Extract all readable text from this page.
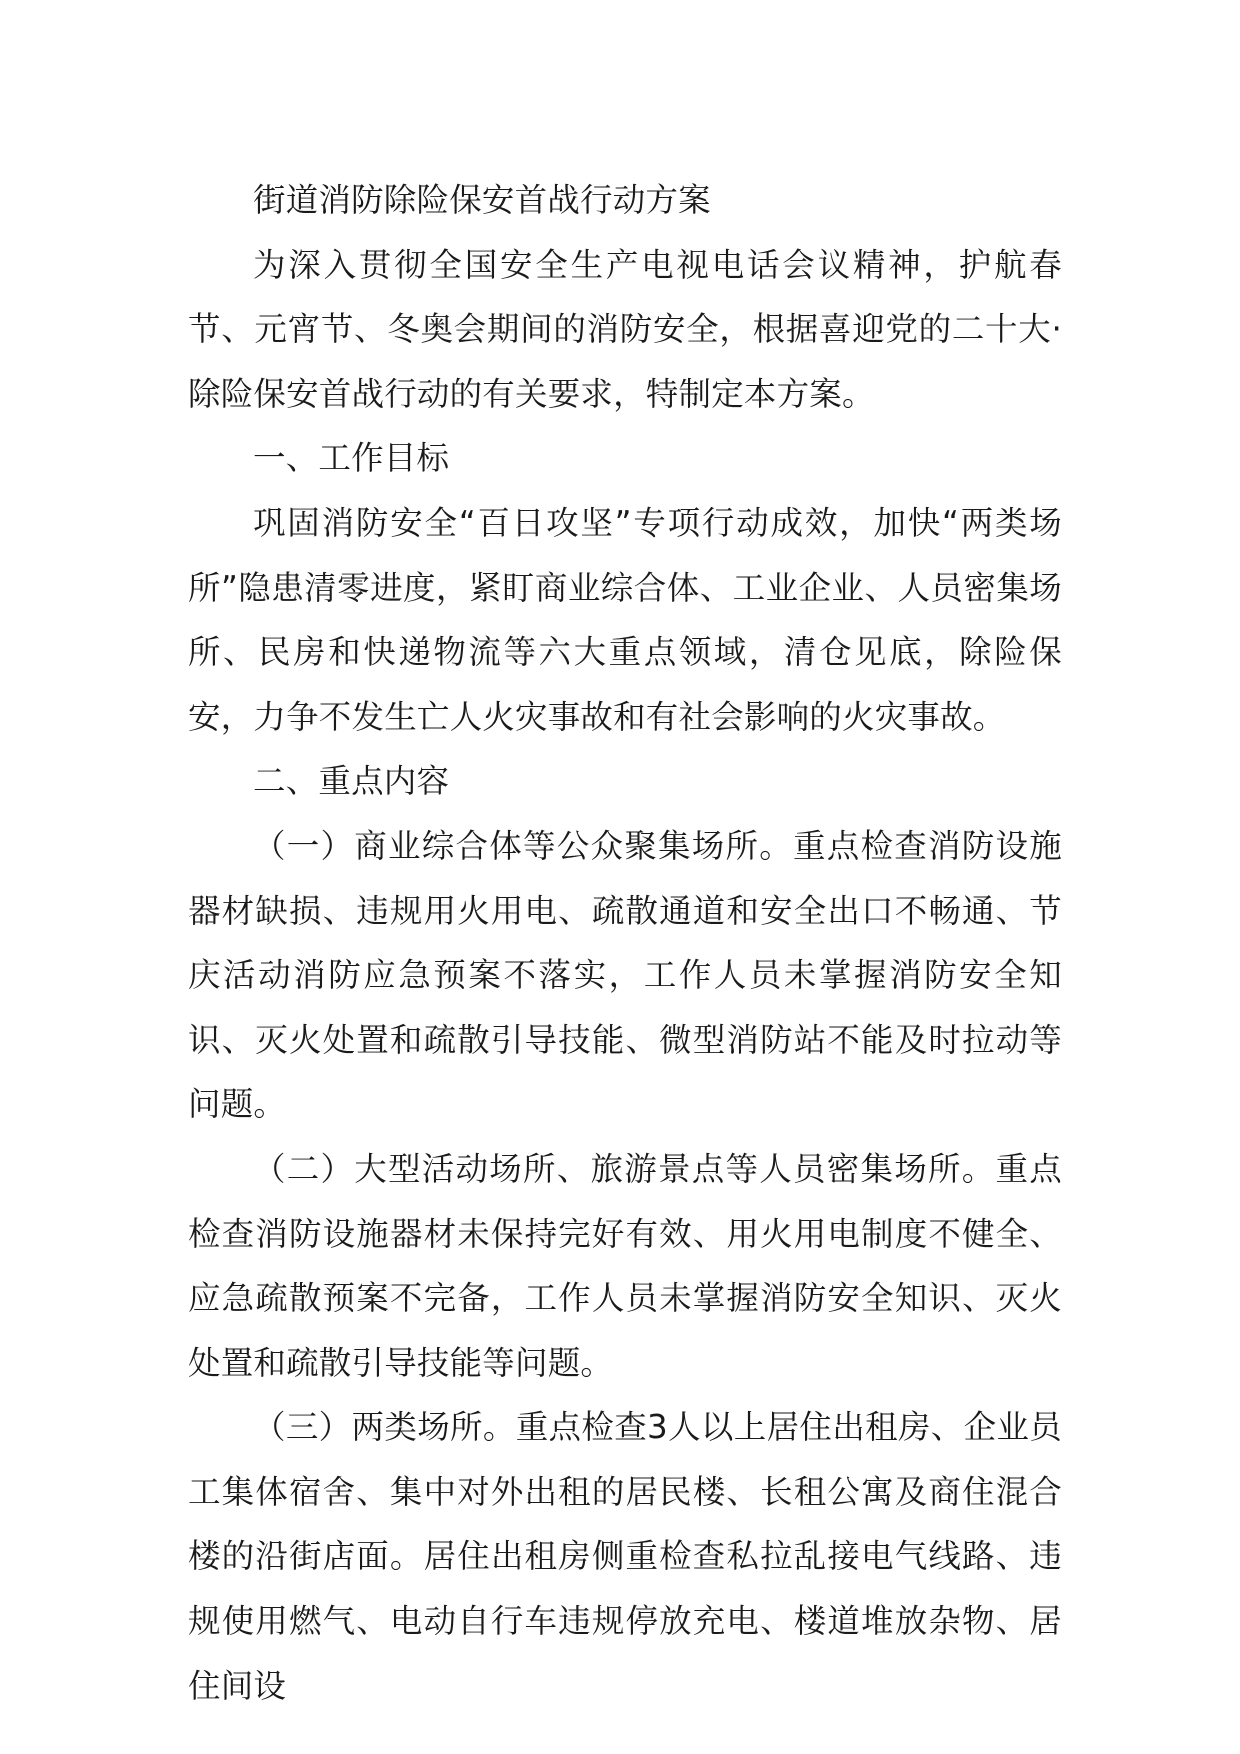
街道消防除险保安首战行动方案

为深入贯彻全国安全生产电视电话会议精神，护航春节、元宵节、冬奥会期间的消防安全，根据喜迎党的二十大·除险保安首战行动的有关要求，特制定本方案。

一、工作目标

巩固消防安全“百日攻坚”专项行动成效，加快“两类场所”隐患清零进度，紧盯商业综合体、工业企业、人员密集场所、民房和快递物流等六大重点领域，清仓见底，除险保安，力争不发生亡人火灾事故和有社会影响的火灾事故。

二、重点内容

（一）商业综合体等公众聚集场所。重点检查消防设施器材缺损、违规用火用电、疏散通道和安全出口不畅通、节庆活动消防应急预案不落实，工作人员未掌握消防安全知识、灭火处置和疏散引导技能、微型消防站不能及时拉动等问题。

（二）大型活动场所、旅游景点等人员密集场所。重点检查消防设施器材未保持完好有效、用火用电制度不健全、应急疏散预案不完备，工作人员未掌握消防安全知识、灭火处置和疏散引导技能等问题。

（三）两类场所。重点检查3人以上居住出租房、企业员工集体宿舍、集中对外出租的居民楼、长租公寓及商住混合楼的沿街店面。居住出租房侧重检查私拉乱接电气线路、违规使用燃气、电动自行车违规停放充电、楼道堆放杂物、居住间设
